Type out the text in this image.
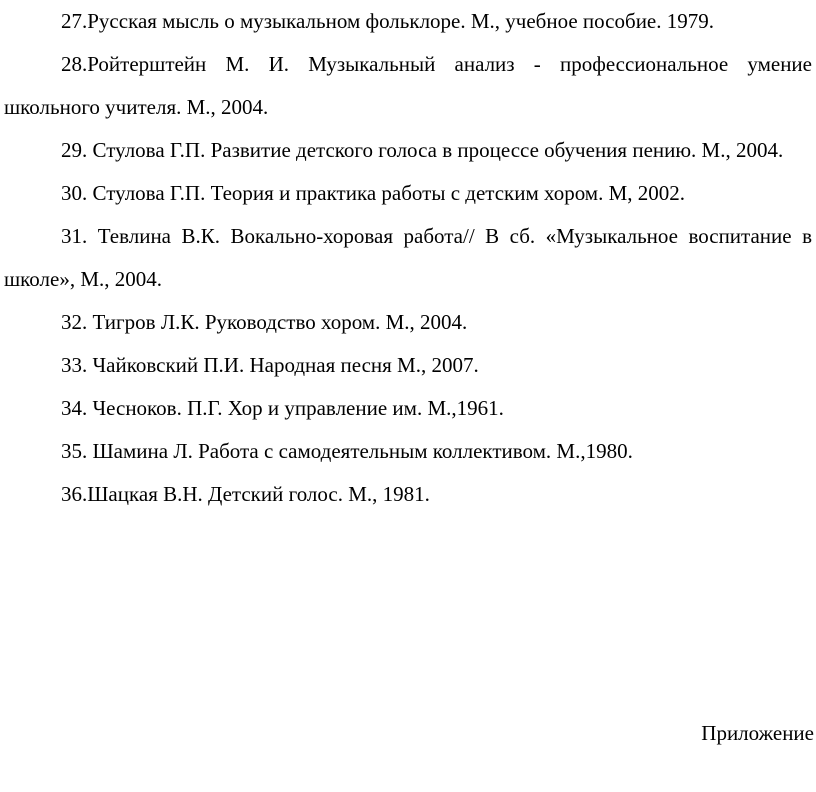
27.Русская мысль о музыкальном фольклоре. М., учебное пособие. 1979.
28.Ройтерштейн М. И. Музыкальный анализ - профессиональное умение школьного учителя. М., 2004.
29. Стулова Г.П. Развитие детского голоса в процессе обучения пению. М., 2004.
30. Стулова Г.П. Теория и практика работы с детским хором. М, 2002.
31. Тевлина В.К. Вокально-хоровая работа// В сб. «Музыкальное воспитание в школе», М., 2004.
32. Тигров Л.К. Руководство хором. М., 2004.
33. Чайковский П.И. Народная песня М., 2007.
34. Чесноков. П.Г. Хор и управление им. М.,1961.
35. Шамина Л. Работа с самодеятельным коллективом. М.,1980.
36.Шацкая В.Н. Детский голос. М., 1981.
Приложение
